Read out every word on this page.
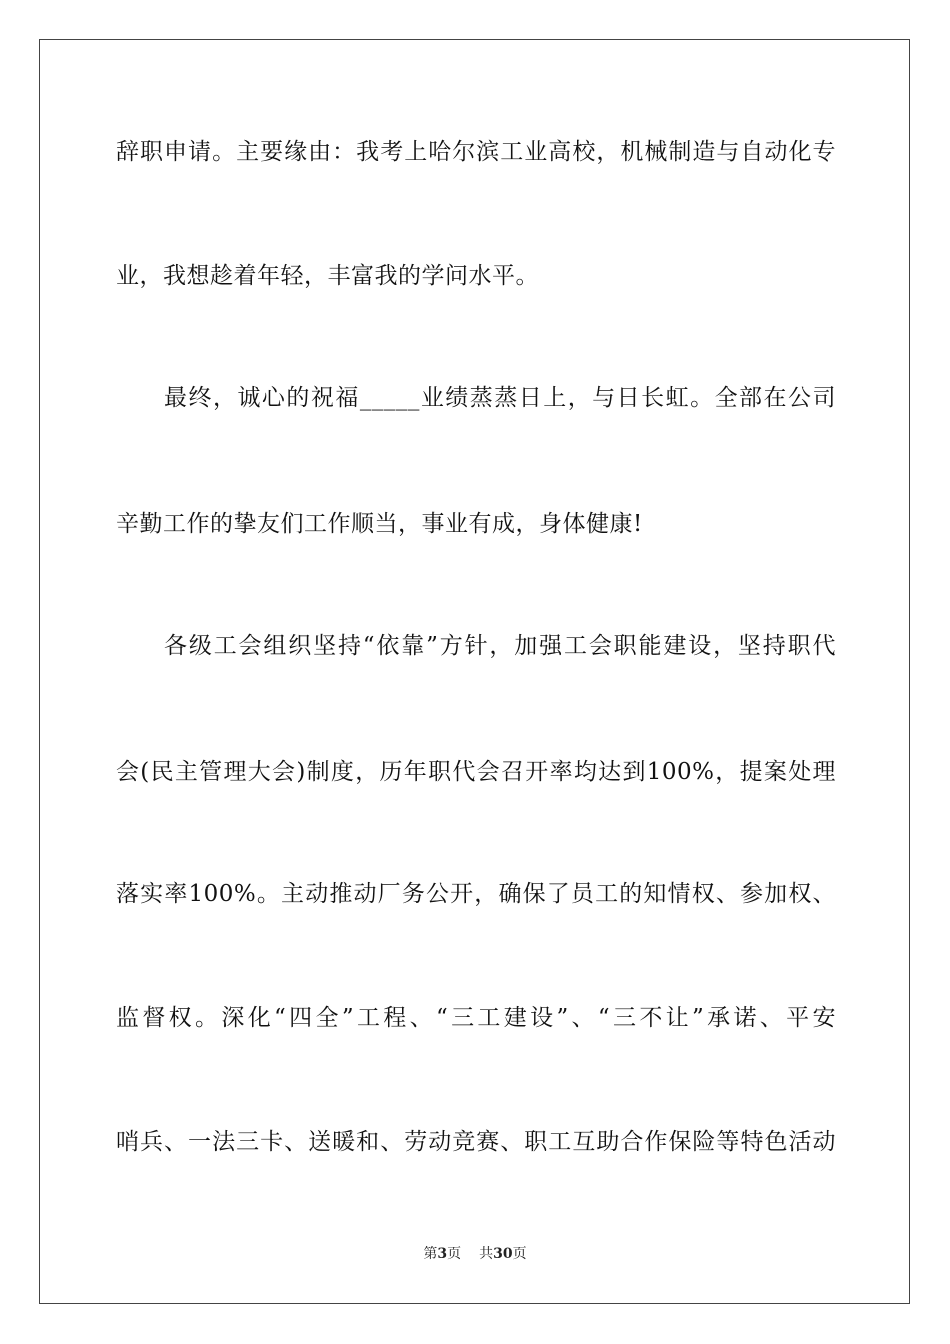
辞职申请。主要缘由：我考上哈尔滨工业高校，机械制造与自动化专
业，我想趁着年轻，丰富我的学问水平。
最终，诚心的祝福_____业绩蒸蒸日上，与日长虹。全部在公司
辛勤工作的挚友们工作顺当，事业有成，身体健康!
各级工会组织坚持“依靠”方针，加强工会职能建设，坚持职代
会(民主管理大会)制度，历年职代会召开率均达到100%，提案处理
落实率100%。主动推动厂务公开，确保了员工的知情权、参加权、
监督权。深化“四全”工程、“三工建设”、“三不让”承诺、平安
哨兵、一法三卡、送暖和、劳动竞赛、职工互助合作保险等特色活动
第3页 共30页
